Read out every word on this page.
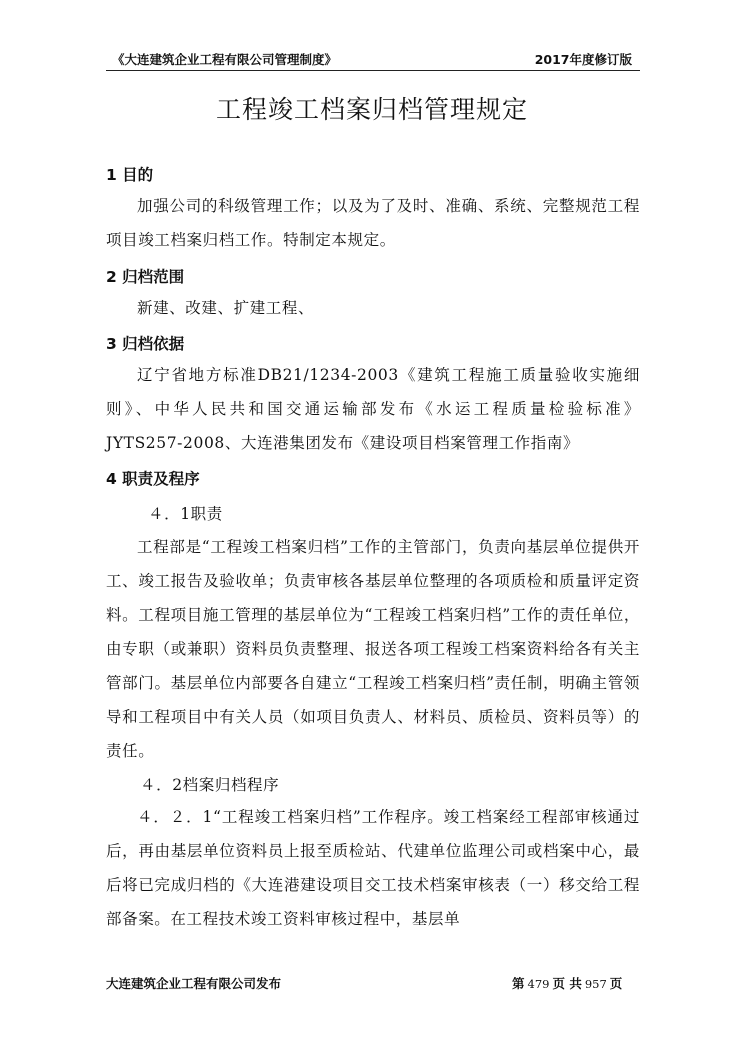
《大连建筑企业工程有限公司管理制度》	2017年度修订版
工程竣工档案归档管理规定
1 目的
加强公司的科级管理工作；以及为了及时、准确、系统、完整规范工程项目竣工档案归档工作。特制定本规定。
2 归档范围
新建、改建、扩建工程、
3 归档依据
辽宁省地方标准DB21/1234-2003《建筑工程施工质量验收实施细则》、中华人民共和国交通运输部发布《水运工程质量检验标准》JYTS257-2008、大连港集团发布《建设项目档案管理工作指南》
4 职责及程序
４．1职责
工程部是“工程竣工档案归档”工作的主管部门，负责向基层单位提供开工、竣工报告及验收单；负责审核各基层单位整理的各项质检和质量评定资料。工程项目施工管理的基层单位为“工程竣工档案归档”工作的责任单位，由专职（或兼职）资料员负责整理、报送各项工程竣工档案资料给各有关主管部门。基层单位内部要各自建立“工程竣工档案归档”责任制，明确主管领导和工程项目中有关人员（如项目负责人、材料员、质检员、资料员等）的责任。
４．2档案归档程序
４．２．1“工程竣工档案归档”工作程序。竣工档案经工程部审核通过后，再由基层单位资料员上报至质检站、代建单位监理公司或档案中心，最后将已完成归档的《大连港建设项目交工技术档案审核表（一）移交给工程部备案。在工程技术竣工资料审核过程中，基层单
大连建筑企业工程有限公司发布	第 479 页 共 957 页
